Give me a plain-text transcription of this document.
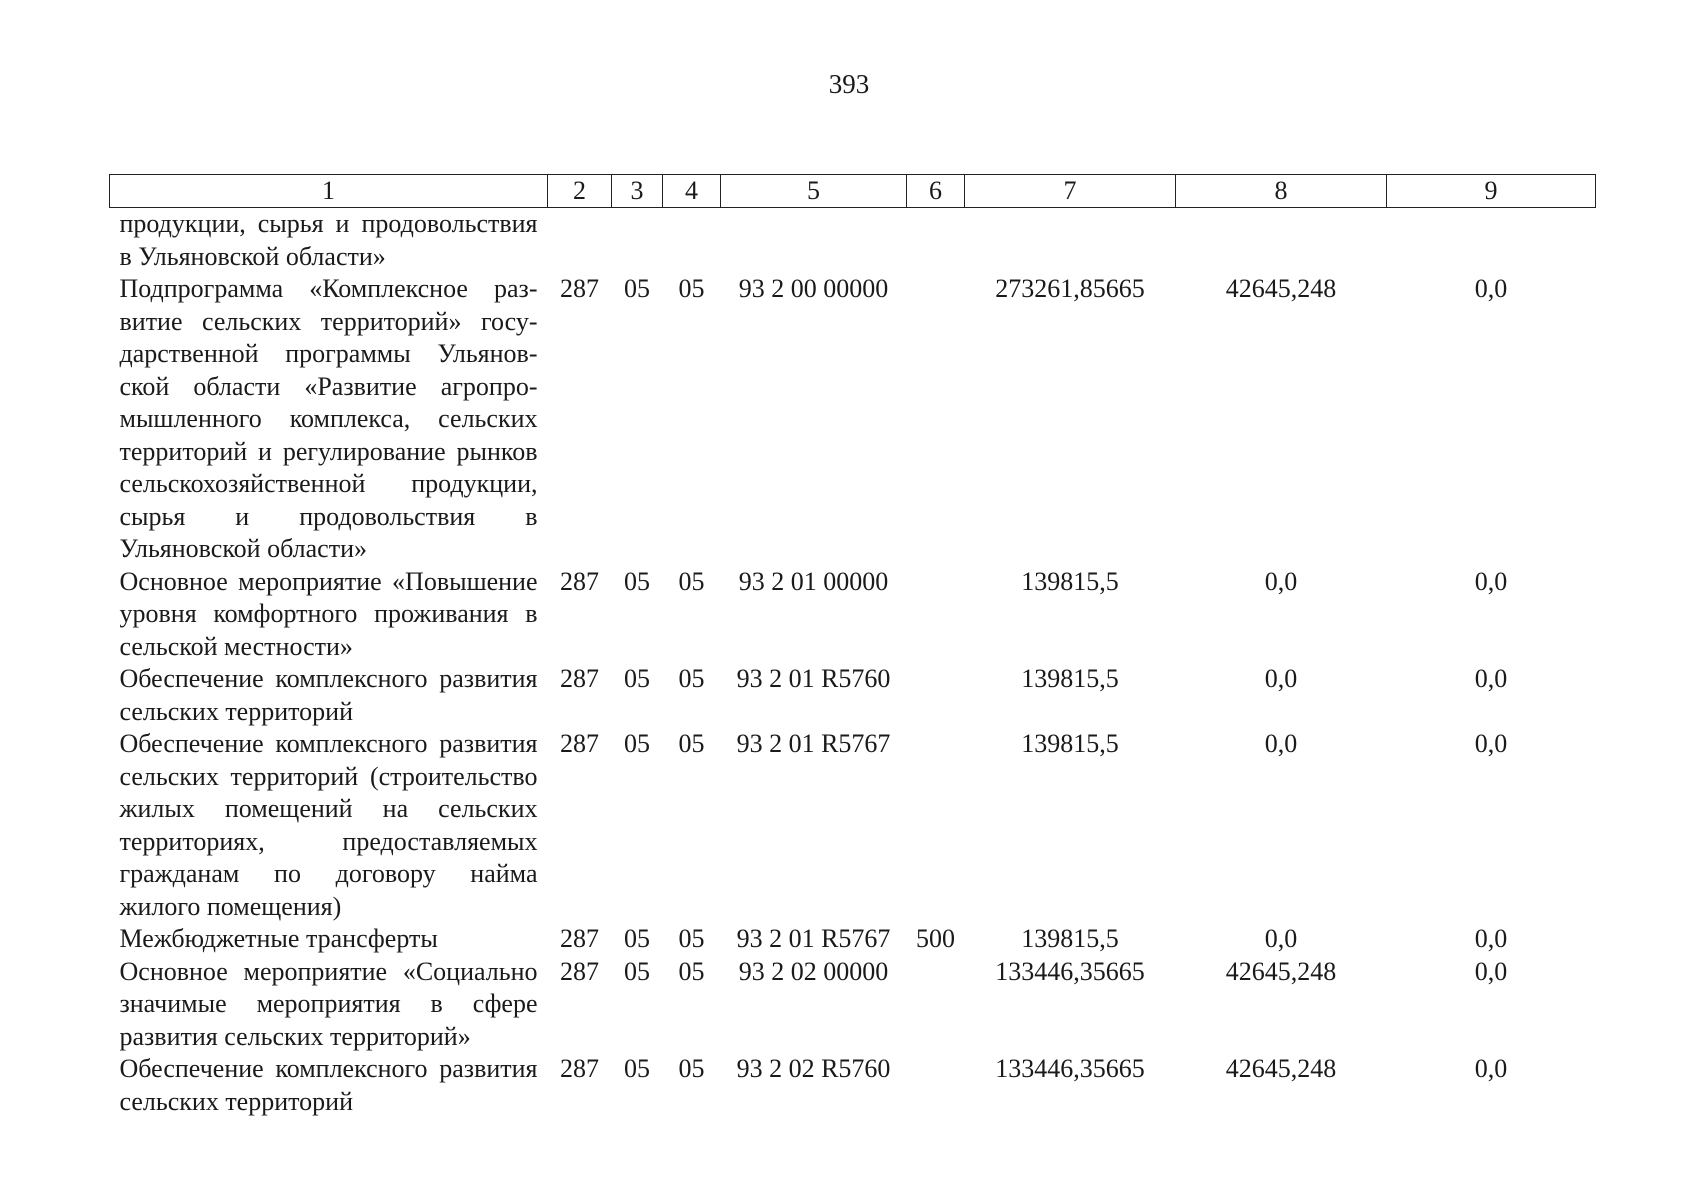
393
1	2	3	4	5	6	7	8	9
продукции, сырья и продовольствия в Ульяновской области»								
Подпрограмма «Комплексное развитие сельских территорий» государственной программы Ульяновской области «Развитие агропромышленного комплекса, сельских территорий и регулирование рынков сельскохозяйственной продукции, сырья и продовольствия в Ульяновской области»	287	05	05	93 2 00 00000		273261,85665	42645,248	0,0
Основное мероприятие «Повышение уровня комфортного проживания в сельской местности»	287	05	05	93 2 01 00000		139815,5	0,0	0,0
Обеспечение комплексного развития сельских территорий	287	05	05	93 2 01 R5760		139815,5	0,0	0,0
Обеспечение комплексного развития сельских территорий (строительство жилых помещений на сельских территориях, предоставляемых гражданам по договору найма жилого помещения)	287	05	05	93 2 01 R5767		139815,5	0,0	0,0
Межбюджетные трансферты	287	05	05	93 2 01 R5767	500	139815,5	0,0	0,0
Основное мероприятие «Социально значимые мероприятия в сфере развития сельских территорий»	287	05	05	93 2 02 00000		133446,35665	42645,248	0,0
Обеспечение комплексного развития сельских территорий	287	05	05	93 2 02 R5760		133446,35665	42645,248	0,0
